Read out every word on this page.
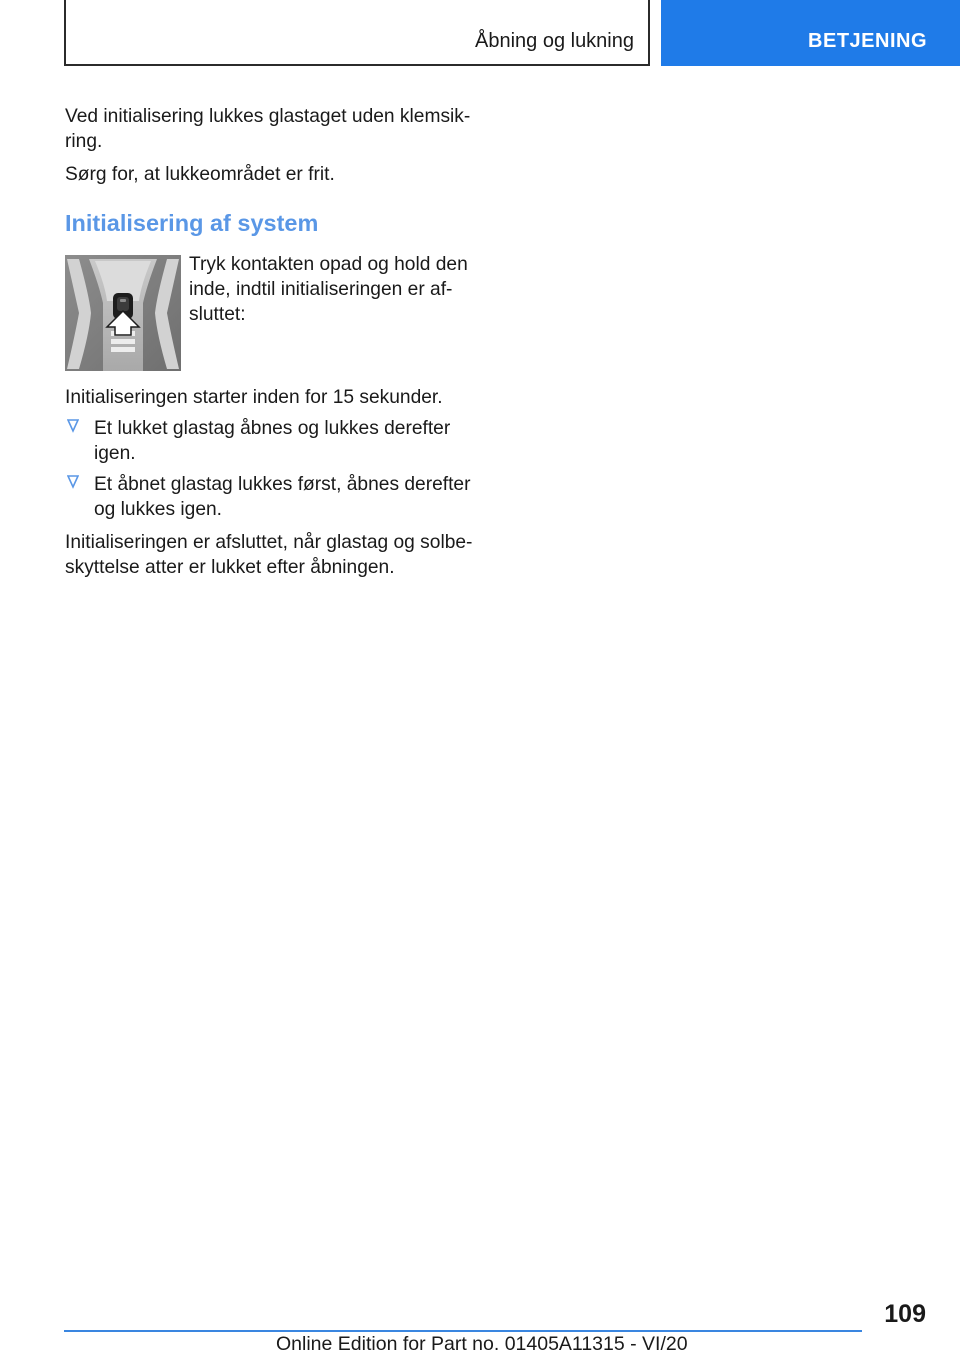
Åbning og lukning	BETJENING

Ved initialisering lukkes glastaget uden klemsik-
ring.

Sørg for, at lukkeområdet er frit.

Initialisering af system

Tryk kontakten opad og hold den
inde, indtil initialiseringen er af-
sluttet:

Initialiseringen starter inden for 15 sekunder.

Et lukket glastag åbnes og lukkes derefter
igen.

Et åbnet glastag lukkes først, åbnes derefter
og lukkes igen.

Initialiseringen er afsluttet, når glastag og solbe-
skyttelse atter er lukket efter åbningen.

109
Online Edition for Part no. 01405A11315 - VI/20
